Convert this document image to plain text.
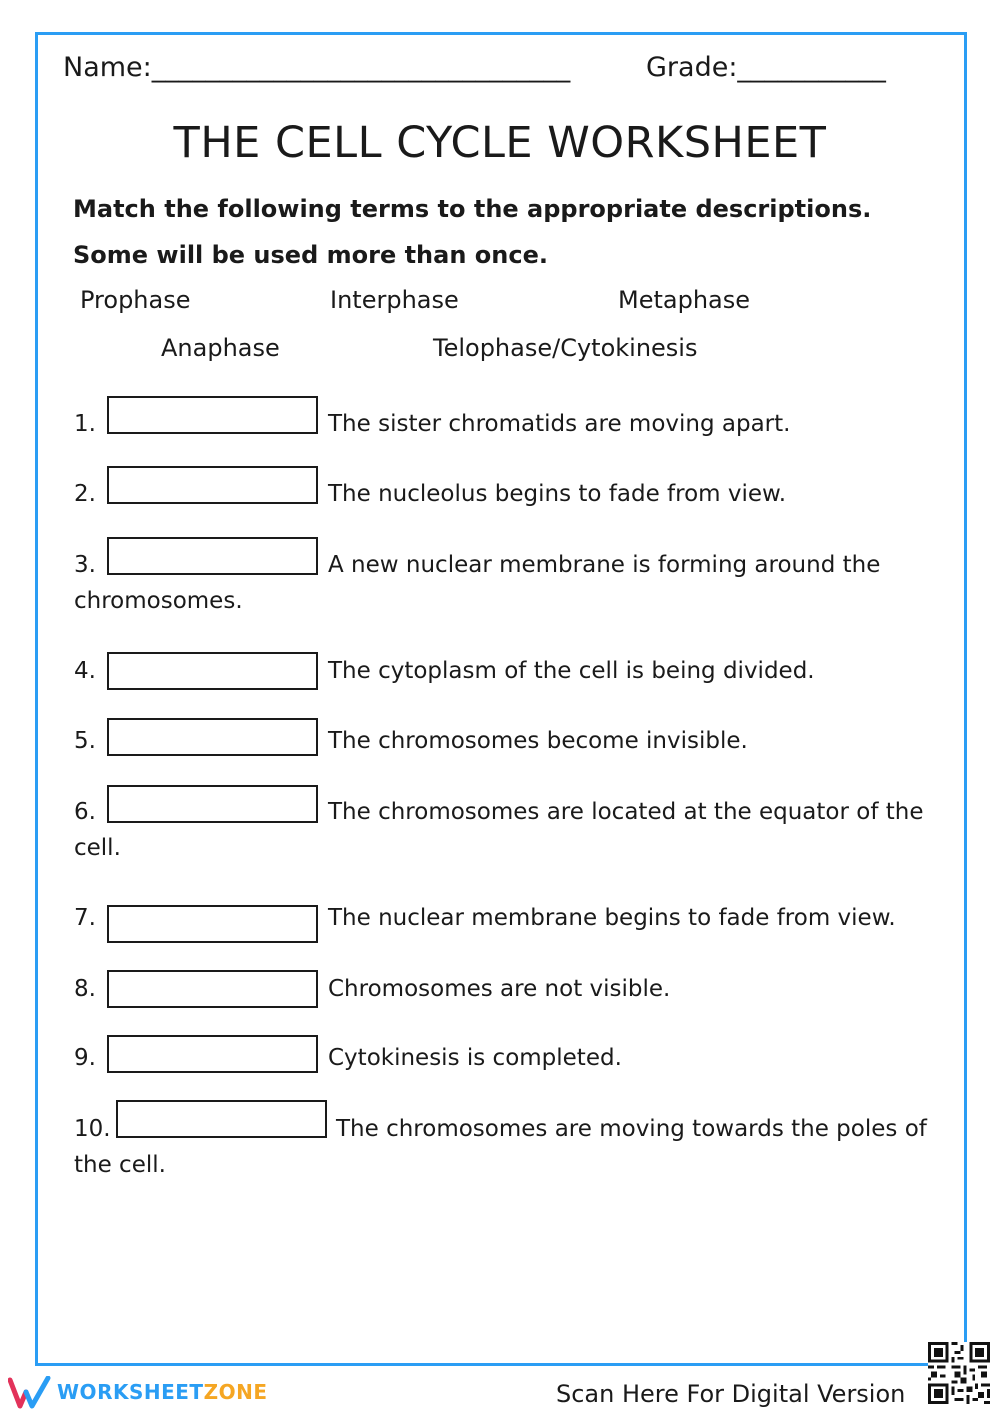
Name:_______________________________	Grade:___________
THE CELL CYCLE WORKSHEET
Match the following terms to the appropriate descriptions. Some will be used more than once.
Prophase	Interphase	Metaphase
Anaphase	Telophase/Cytokinesis
1.	The sister chromatids are moving apart.
2.	The nucleolus begins to fade from view.
3.	A new nuclear membrane is forming around the
chromosomes.
4.	The cytoplasm of the cell is being divided.
5.	The chromosomes become invisible.
6.	The chromosomes are located at the equator of the
cell.
7.	The nuclear membrane begins to fade from view.
8.	Chromosomes are not visible.
9.	Cytokinesis is completed.
10.	The chromosomes are moving towards the poles of
the cell.
WORKSHEETZONE	Scan Here For Digital Version
